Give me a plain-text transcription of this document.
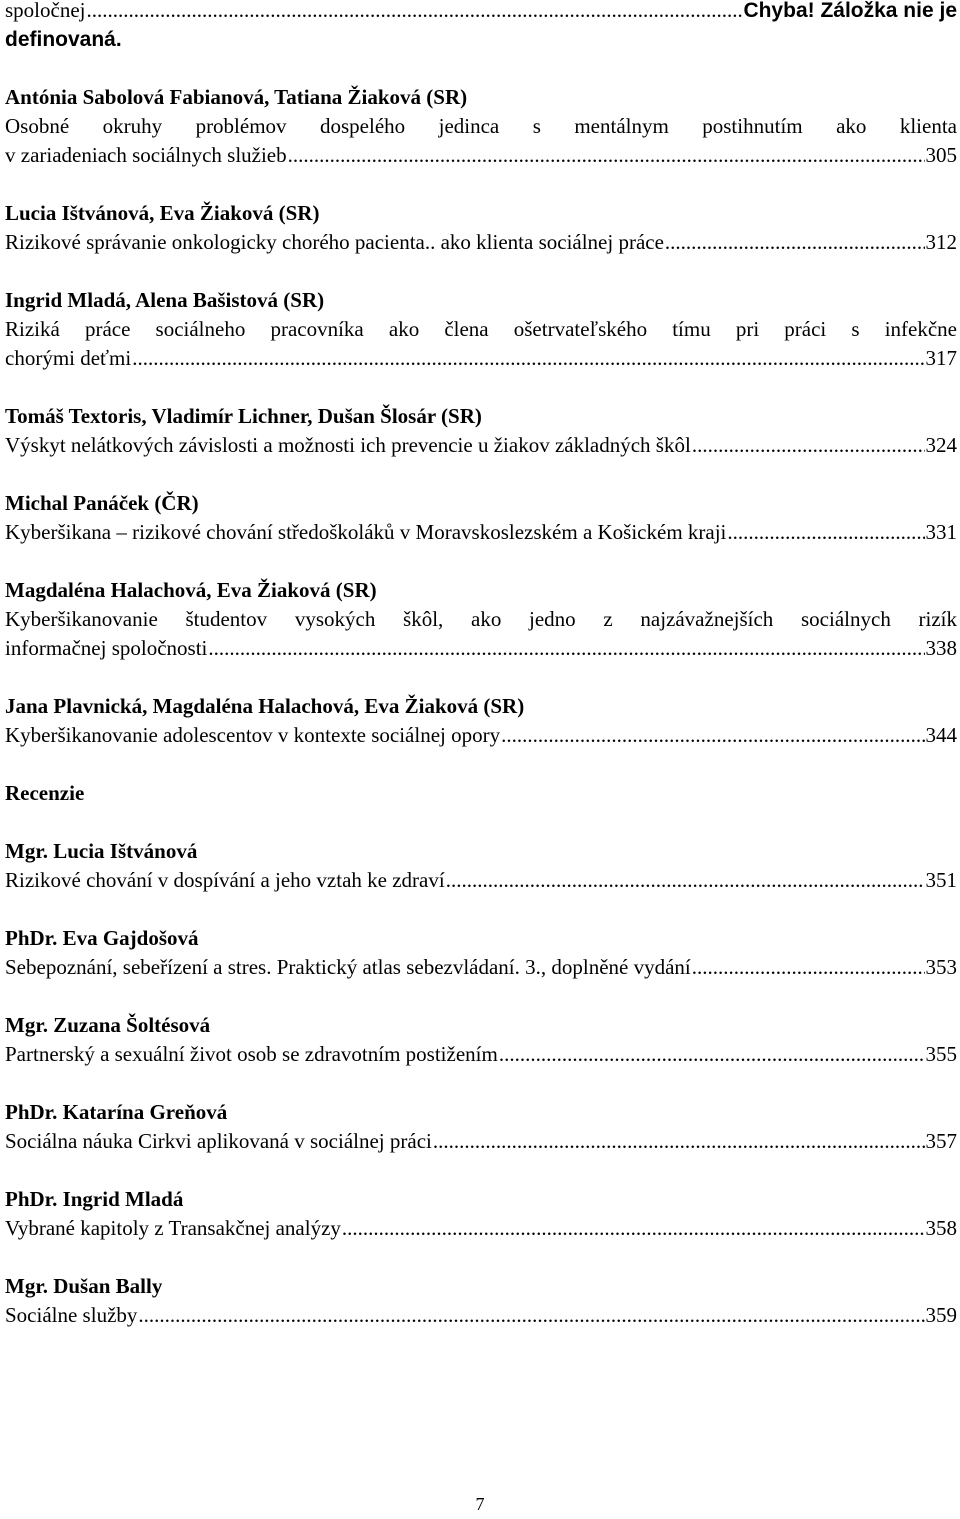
spoločnej .....	Chyba! Záložka nie je
definovaná.
Antónia Sabolová Fabianová, Tatiana Žiaková (SR)
Osobné okruhy problémov dospelého jedinca s mentálnym postihnutím ako klienta
v zariadeniach sociálnych služieb .....	305
Lucia Ištvánová, Eva Žiaková (SR)
Rizikové správanie onkologicky chorého pacienta.. ako klienta sociálnej práce .....	312
Ingrid Mladá, Alena Bašistová (SR)
Riziká práce sociálneho pracovníka ako člena ošetrvateľského tímu pri práci s infekčne
chorými deťmi .....	317
Tomáš Textoris, Vladimír Lichner, Dušan Šlosár (SR)
Výskyt nelátkových závislosti a možnosti ich prevencie u žiakov základných škôl .....	324
Michal Panáček (ČR)
Kyberšikana – rizikové chování středoškoláků v Moravskoslezském a Košickém kraji .....	331
Magdaléna Halachová, Eva Žiaková (SR)
Kyberšikanovanie študentov vysokých škôl, ako jedno z najzávažnejších sociálnych rizík
informačnej spoločnosti .....	338
Jana Plavnická, Magdaléna Halachová, Eva Žiaková (SR)
Kyberšikanovanie adolescentov v kontexte sociálnej opory .....	344
Recenzie
Mgr. Lucia Ištvánová
Rizikové chování v dospívání a jeho vztah ke zdraví .....	351
PhDr. Eva Gajdošová
Sebepoznání, sebeřízení a stres. Praktický atlas sebezvládaní. 3., doplněné vydání .....	353
Mgr. Zuzana Šoltésová
Partnerský a sexuální život osob se zdravotním postižením .....	355
PhDr. Katarína Greňová
Sociálna náuka Cirkvi aplikovaná v sociálnej práci .....	357
PhDr. Ingrid Mladá
Vybrané kapitoly z Transakčnej analýzy .....	358
Mgr. Dušan Bally
Sociálne služby .....	359
7
